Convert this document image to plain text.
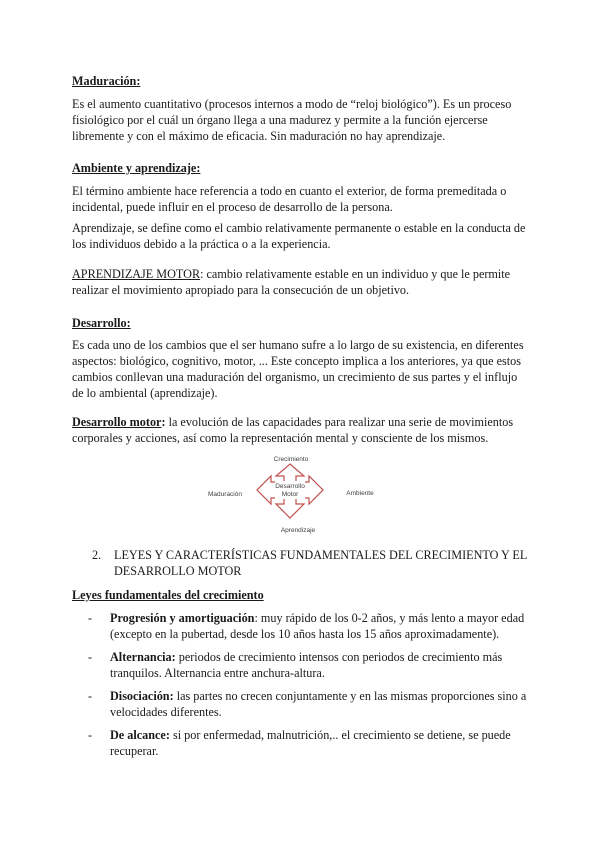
Maduración:

Es el aumento cuantitativo (procesos internos a modo de “reloj biológico”). Es un proceso fisiológico por el cuál un órgano llega a una madurez y permite a la función ejercerse libremente y con el máximo de eficacia. Sin maduración no hay aprendizaje.

Ambiente y aprendizaje:

El término ambiente hace referencia a todo en cuanto el exterior, de forma premeditada o incidental, puede influir en el proceso de desarrollo de la persona.

Aprendizaje, se define como el cambio relativamente permanente o estable en la conducta de los individuos debido a la práctica o a la experiencia.

APRENDIZAJE MOTOR: cambio relativamente estable en un individuo y que le permite realizar el movimiento apropiado para la consecución de un objetivo.

Desarrollo:

Es cada uno de los cambios que el ser humano sufre a lo largo de su existencia, en diferentes aspectos: biológico, cognitivo, motor, ... Este concepto implica a los anteriores, ya que estos cambios conllevan una maduración del organismo, un crecimiento de sus partes y el influjo de lo ambiental (aprendizaje).

Desarrollo motor: la evolución de las capacidades para realizar una serie de movimientos corporales y acciones, así como la representación mental y consciente de los mismos.

Desarrollo
Motor
Crecimiento
Aprendizaje
Maduración	Ambiente
2. LEYES Y CARACTERÍSTICAS FUNDAMENTALES DEL CRECIMIENTO Y EL DESARROLLO MOTOR

Leyes fundamentales del crecimiento

- Progresión y amortiguación: muy rápido de los 0-2 años, y más lento a mayor edad (excepto en la pubertad, desde los 10 años hasta los 15 años aproximadamente).
- Alternancia: periodos de crecimiento intensos con periodos de crecimiento más tranquilos. Alternancia entre anchura-altura.
- Disociación: las partes no crecen conjuntamente y en las mismas proporciones sino a velocidades diferentes.
- De alcance: si por enfermedad, malnutrición,.. el crecimiento se detiene, se puede recuperar.
